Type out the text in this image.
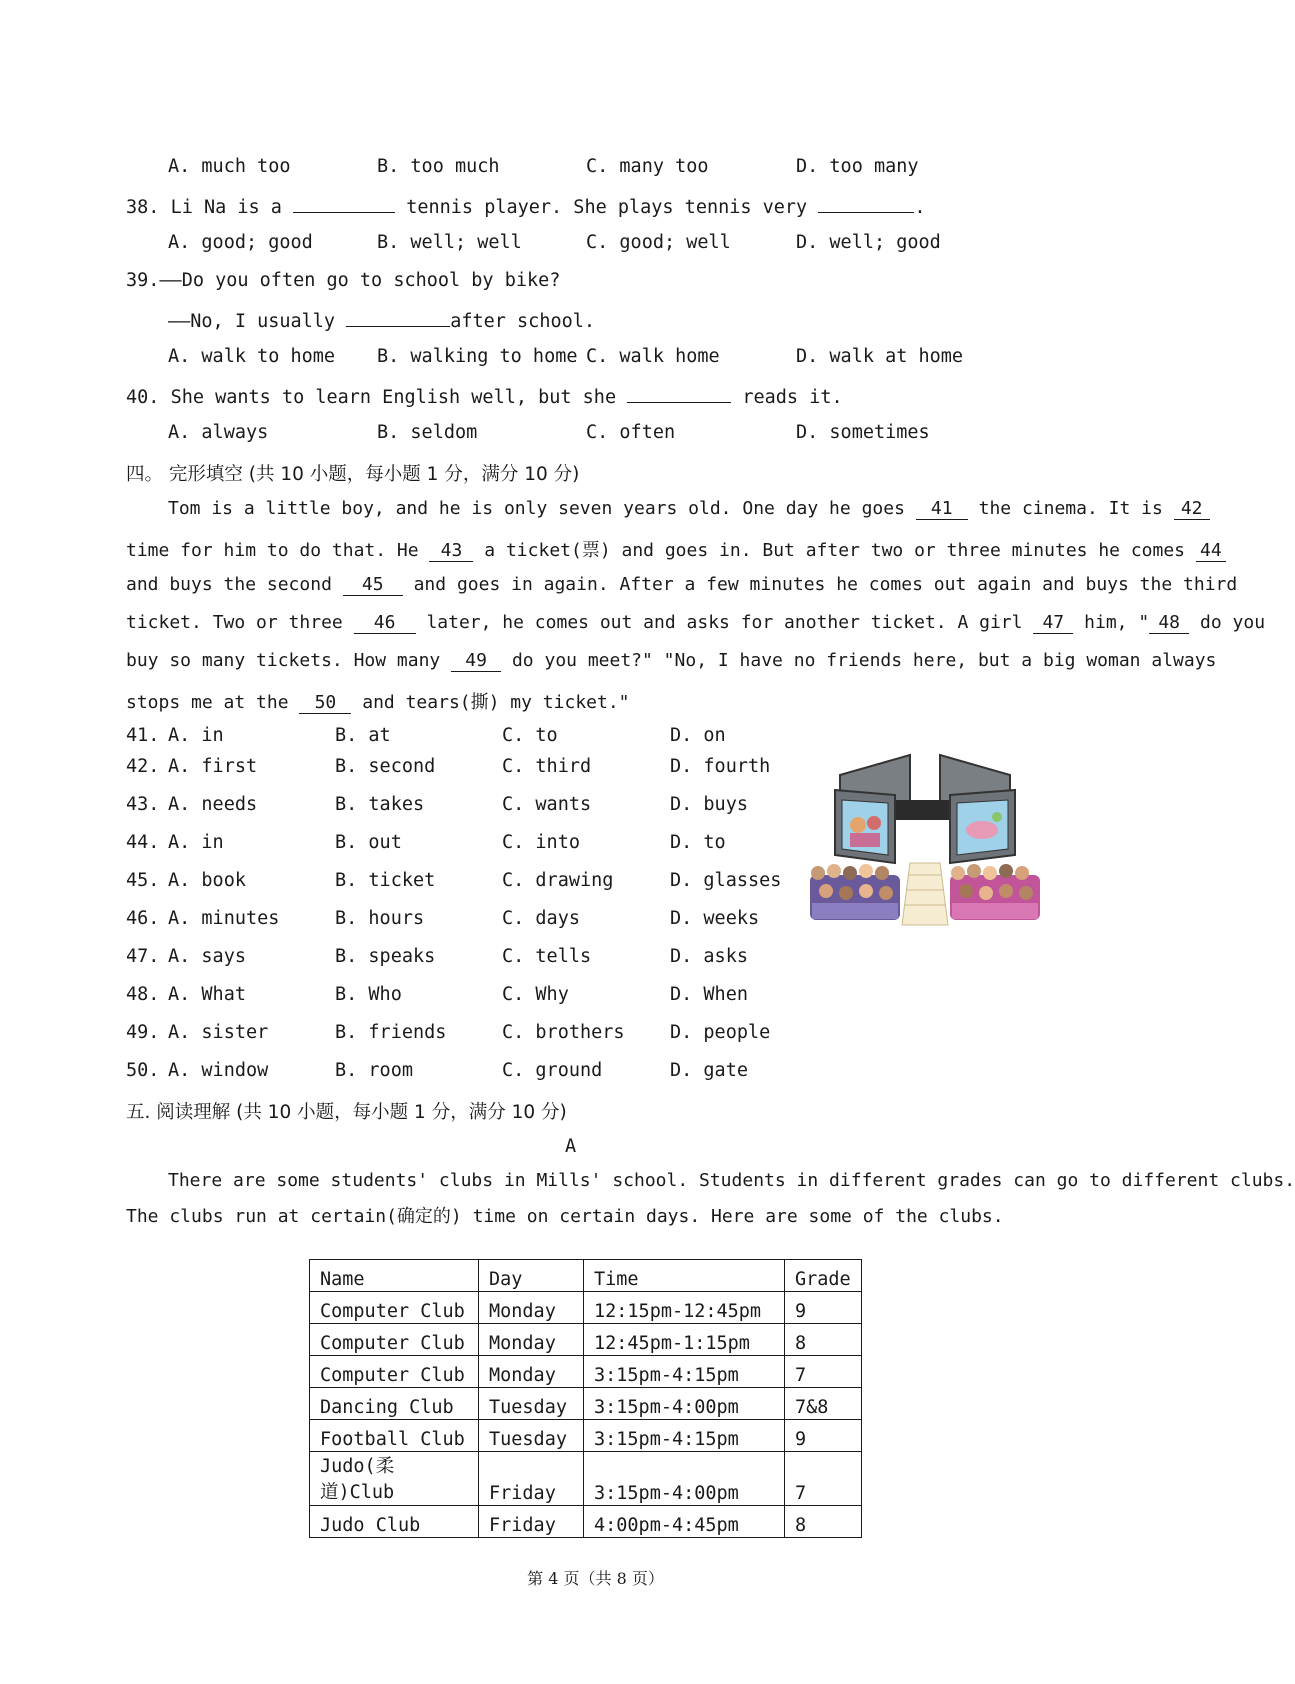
A. much too	B. too much	C. many too	D. too many
38. Li Na is a	tennis player. She plays tennis very	.
A. good; good	B. well; well	C. good; well	D. well; good
39.——Do you often go to school by bike?
——No, I usually	after school.
A. walk to home B. walking to home C. walk home	D. walk at home
40. She wants to learn English well, but she	reads it.
A. always	B. seldom	C. often	D. sometimes
四。 完形填空 (共 10 小题，每小题 1 分，满分 10 分)
Tom is a little boy, and he is only seven years old. One day he goes 41 the cinema. It is 42
time for him to do that. He 43 a ticket(票) and goes in. But after two or three minutes he comes 44
and buys the second 45 and goes in again. After a few minutes he comes out again and buys the third
ticket. Two or three 46 later, he comes out and asks for another ticket. A girl 47 him, " 48 do you
buy so many tickets. How many 49 do you meet?" "No, I have no friends here, but a big woman always
stops me at the 50 and tears(撕) my ticket."
41. A. in	B. at	C. to	D. on
42. A. first	B. second	C. third	D. fourth
43. A. needs	B. takes	C. wants	D. buys
44. A. in	B. out	C. into	D. to
45. A. book	B. ticket	C. drawing	D. glasses
46. A. minutes	B. hours	C. days	D. weeks
47. A. says	B. speaks	C. tells	D. asks
48. A. What	B. Who	C. Why	D. When
49. A. sister	B. friends	C. brothers D. people
50. A. window	B. room	C. ground	D. gate
五. 阅读理解 (共 10 小题，每小题 1 分，满分 10 分)
A
There are some students' clubs in Mills' school. Students in different grades can go to different clubs.
The clubs run at certain(确定的) time on certain days. Here are some of the clubs.
Name	Day	Time	Grade
Computer Club	Monday	12:15pm-12:45pm	9
Computer Club	Monday	12:45pm-1:15pm	8
Computer Club	Monday	3:15pm-4:15pm	7
Dancing Club	Tuesday	3:15pm-4:00pm	7&8
Football Club	Tuesday	3:15pm-4:15pm	9
Judo(柔道)Club	Friday	3:15pm-4:00pm	7
Judo Club	Friday	4:00pm-4:45pm	8
第 4 页（共 8 页）
